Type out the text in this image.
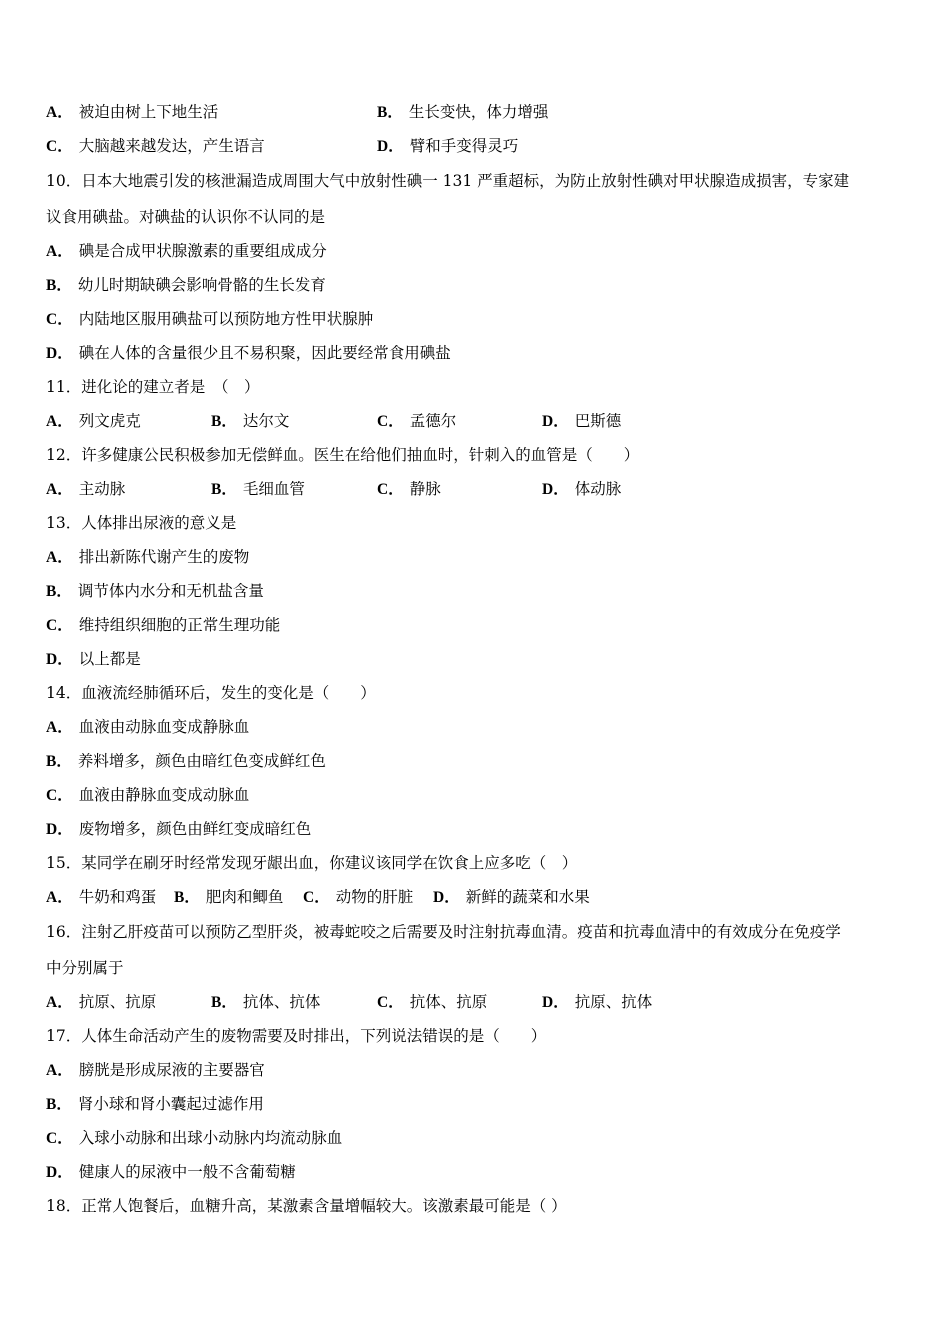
A． 被迫由树上下地生活	B． 生长变快，体力增强
C． 大脑越来越发达，产生语言	D． 臂和手变得灵巧
10．日本大地震引发的核泄漏造成周围大气中放射性碘一 131 严重超标，为防止放射性碘对甲状腺造成损害，专家建
议食用碘盐。对碘盐的认识你不认同的是
A． 碘是合成甲状腺激素的重要组成成分
B． 幼儿时期缺碘会影响骨骼的生长发育
C． 内陆地区服用碘盐可以预防地方性甲状腺肿
D． 碘在人体的含量很少且不易积聚，因此要经常食用碘盐
11．进化论的建立者是　（　）
A． 列文虎克	B． 达尔文	C． 孟德尔	D． 巴斯德
12．许多健康公民积极参加无偿鲜血。医生在给他们抽血时，针刺入的血管是（　　）
A． 主动脉	B． 毛细血管	C． 静脉	D． 体动脉
13．人体排出尿液的意义是
A． 排出新陈代谢产生的废物
B． 调节体内水分和无机盐含量
C． 维持组织细胞的正常生理功能
D． 以上都是
14．血液流经肺循环后，发生的变化是（　　）
A． 血液由动脉血变成静脉血
B． 养料增多，颜色由暗红色变成鲜红色
C． 血液由静脉血变成动脉血
D． 废物增多，颜色由鲜红变成暗红色
15．某同学在刷牙时经常发现牙龈出血，你建议该同学在饮食上应多吃（　）
A． 牛奶和鸡蛋 B． 肥肉和鲫鱼 C． 动物的肝脏 D． 新鲜的蔬菜和水果
16．注射乙肝疫苗可以预防乙型肝炎，被毒蛇咬之后需要及时注射抗毒血清。疫苗和抗毒血清中的有效成分在免疫学
中分别属于
A． 抗原、抗原	B． 抗体、抗体	C． 抗体、抗原	D． 抗原、抗体
17．人体生命活动产生的废物需要及时排出，下列说法错误的是（　　）
A． 膀胱是形成尿液的主要器官
B． 肾小球和肾小囊起过滤作用
C． 入球小动脉和出球小动脉内均流动脉血
D． 健康人的尿液中一般不含葡萄糖
18．正常人饱餐后，血糖升高，某激素含量增幅较大。该激素最可能是（ ）
